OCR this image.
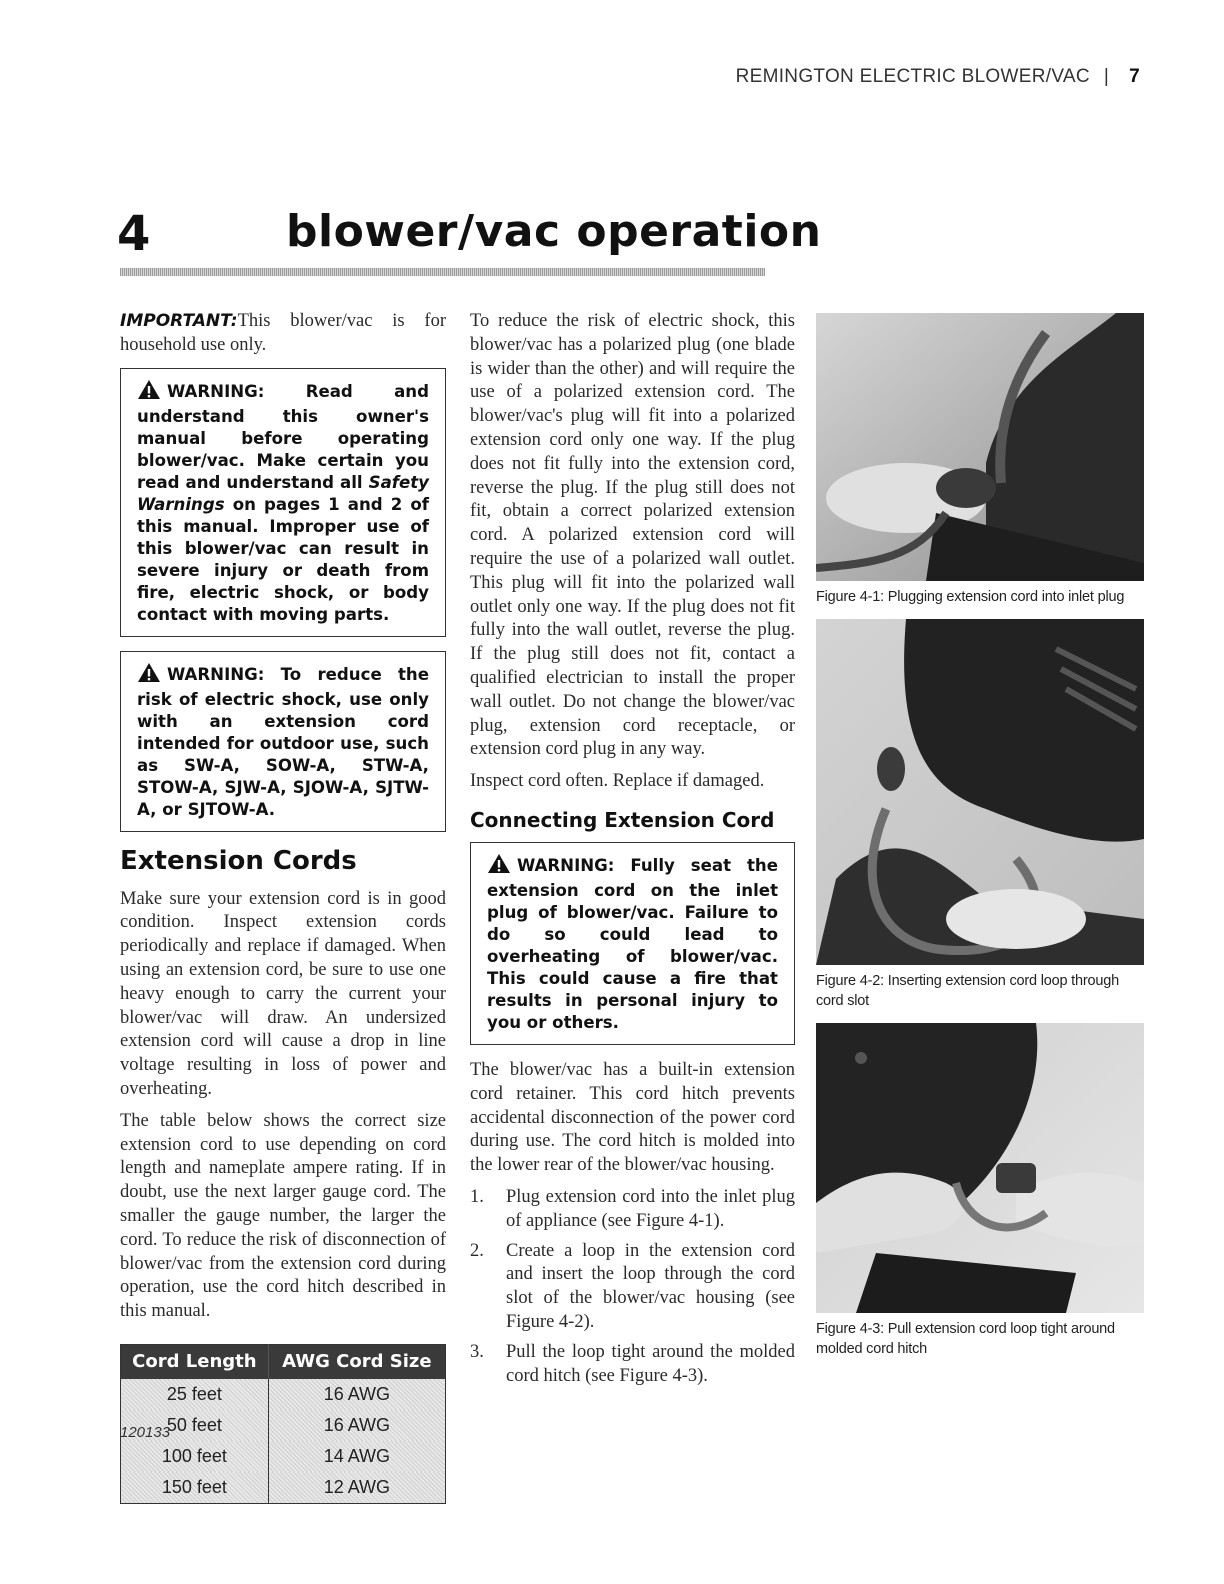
REMINGTON ELECTRIC BLOWER/VAC | 7
4	blower/vac operation

IMPORTANT:This blower/vac is for household use only.

WARNING: Read and understand this owner's manual before operating blower/vac. Make certain you read and understand all Safety Warnings on pages 1 and 2 of this manual. Improper use of this blower/vac can result in severe injury or death from fire, electric shock, or body contact with moving parts.

WARNING: To reduce the risk of electric shock, use only with an extension cord intended for outdoor use, such as SW-A, SOW-A, STW-A, STOW-A, SJW-A, SJOW-A, SJTW-A, or SJTOW-A.

Extension Cords

Make sure your extension cord is in good condition. Inspect extension cords periodically and replace if damaged. When using an extension cord, be sure to use one heavy enough to carry the current your blower/vac will draw. An undersized extension cord will cause a drop in line voltage resulting in loss of power and overheating.

The table below shows the correct size extension cord to use depending on cord length and nameplate ampere rating. If in doubt, use the next larger gauge cord. The smaller the gauge number, the larger the cord. To reduce the risk of disconnection of blower/vac from the extension cord during operation, use the cord hitch described in this manual.

Cord Length	AWG Cord Size
25 feet	16 AWG
50 feet	16 AWG
100 feet	14 AWG
150 feet	12 AWG

To reduce the risk of electric shock, this blower/vac has a polarized plug (one blade is wider than the other) and will require the use of a polarized extension cord. The blower/vac's plug will fit into a polarized extension cord only one way. If the plug does not fit fully into the extension cord, reverse the plug. If the plug still does not fit, obtain a correct polarized extension cord. A polarized extension cord will require the use of a polarized wall outlet. This plug will fit into the polarized wall outlet only one way. If the plug does not fit fully into the wall outlet, reverse the plug. If the plug still does not fit, contact a qualified electrician to install the proper wall outlet. Do not change the blower/vac plug, extension cord receptacle, or extension cord plug in any way.

Inspect cord often. Replace if damaged.

Connecting Extension Cord

WARNING: Fully seat the extension cord on the inlet plug of blower/vac. Failure to do so could lead to overheating of blower/vac. This could cause a fire that results in personal injury to you or others.

The blower/vac has a built-in extension cord retainer. This cord hitch prevents accidental disconnection of the power cord during use. The cord hitch is molded into the lower rear of the blower/vac housing.

1. Plug extension cord into the inlet plug of appliance (see Figure 4-1).
2. Create a loop in the extension cord and insert the loop through the cord slot of the blower/vac housing (see Figure 4-2).
3. Pull the loop tight around the molded cord hitch (see Figure 4-3).
Figure 4-1: Plugging extension cord into inlet plug
Figure 4-2: Inserting extension cord loop through cord slot
Figure 4-3: Pull extension cord loop tight around molded cord hitch
120133
